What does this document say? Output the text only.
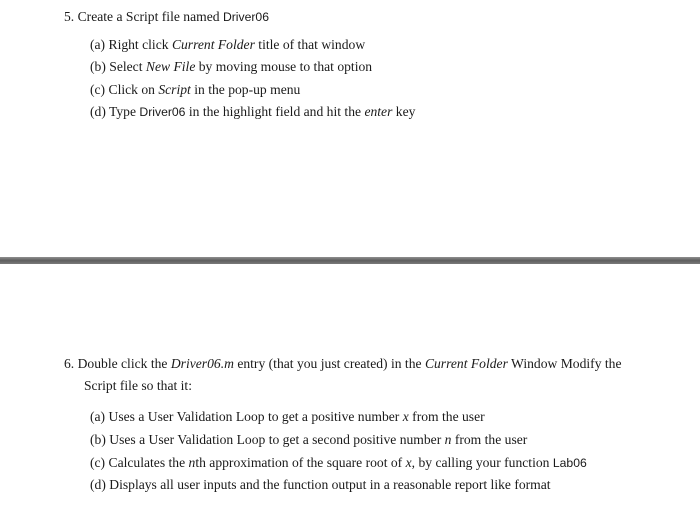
5. Create a Script file named Driver06
(a) Right click Current Folder title of that window
(b) Select New File by moving mouse to that option
(c) Click on Script in the pop-up menu
(d) Type Driver06 in the highlight field and hit the enter key
6. Double click the Driver06.m entry (that you just created) in the Current Folder Window Modify the
Script file so that it:
(a) Uses a User Validation Loop to get a positive number x from the user
(b) Uses a User Validation Loop to get a second positive number n from the user
(c) Calculates the nth approximation of the square root of x, by calling your function Lab06
(d) Displays all user inputs and the function output in a reasonable report like format
